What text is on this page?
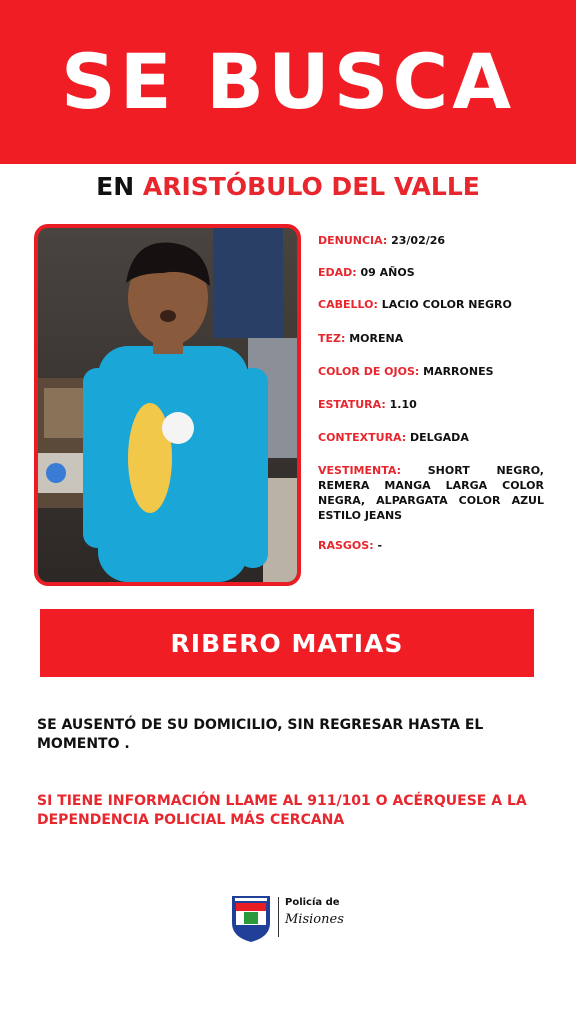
SE BUSCA
EN ARISTÓBULO DEL VALLE
DENUNCIA: 23/02/26
EDAD: 09 AÑOS
CABELLO: LACIO COLOR NEGRO
TEZ: MORENA
COLOR DE OJOS: MARRONES
ESTATURA: 1.10
CONTEXTURA: DELGADA
VESTIMENTA: SHORT NEGRO, REMERA MANGA LARGA COLOR NEGRA, ALPARGATA COLOR AZUL ESTILO JEANS
RASGOS: -
RIBERO MATIAS
SE AUSENTÓ DE SU DOMICILIO, SIN REGRESAR HASTA EL MOMENTO .
SI TIENE INFORMACIÓN LLAME AL 911/101 O ACÉRQUESE A LA DEPENDENCIA POLICIAL MÁS CERCANA
Policía de
Misiones
